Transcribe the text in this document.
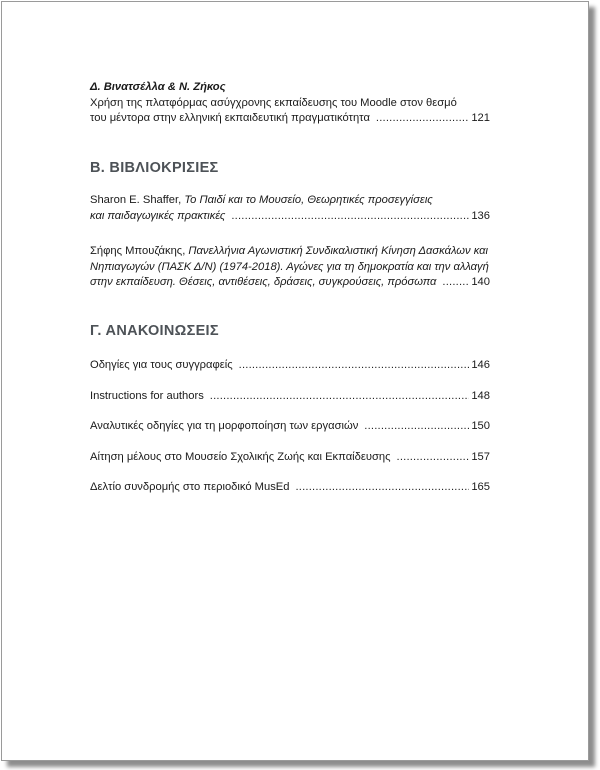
Δ. Βινατσέλλα & Ν. Ζήκος
Χρήση της πλατφόρμας ασύγχρονης εκπαίδευσης του Moodle στον θεσμό
του μέντορα στην ελληνική εκπαιδευτική πραγματικότητα .....	121
Β. ΒΙΒΛΙΟΚΡΙΣΙΕΣ
Sharon E. Shaffer, Το Παιδί και το Μουσείο, Θεωρητικές προσεγγίσεις
και παιδαγωγικές πρακτικές .....	136
Σήφης Μπουζάκης, Πανελλήνια Αγωνιστική Συνδικαλιστική Κίνηση Δασκάλων και
Νηπιαγωγών (ΠΑΣΚ Δ/Ν) (1974-2018). Αγώνες για τη δημοκρατία και την αλλαγή
στην εκπαίδευση. Θέσεις, αντιθέσεις, δράσεις, συγκρούσεις, πρόσωπα .....	140
Γ. ΑΝΑΚΟΙΝΩΣΕΙΣ
Οδηγίες για τους συγγραφείς .....	146
Instructions for authors .....	148
Αναλυτικές οδηγίες για τη μορφοποίηση των εργασιών .....	150
Αίτηση μέλους στο Μουσείο Σχολικής Ζωής και Εκπαίδευσης .....	157
Δελτίο συνδρομής στο περιοδικό MusEd .....	165
